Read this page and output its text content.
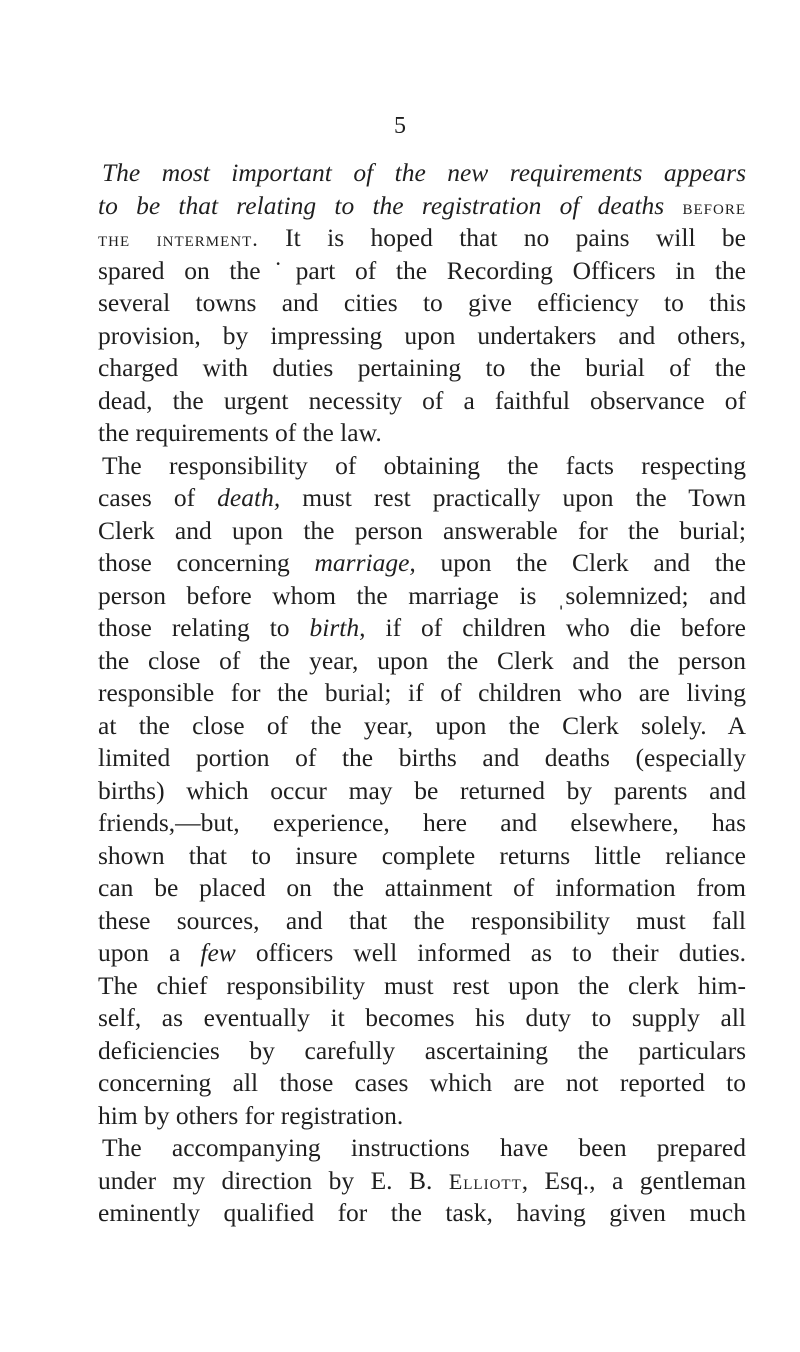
5
The most important of the new requirements appears
to be that relating to the registration of deaths before
the interment. It is hoped that no pains will be
spared on the˙part of the Recording Officers in the
several towns and cities to give efficiency to this
provision, by impressing upon undertakers and others,
charged with duties pertaining to the burial of the
dead, the urgent necessity of a faithful observance of
the requirements of the law.
The responsibility of obtaining the facts respecting
cases of death, must rest practically upon the Town
Clerk and upon the person answerable for the burial;
those concerning marriage, upon the Clerk and the
person before whom the marriage is ˌsolemnized; and
those relating to birth, if of children who die before
the close of the year, upon the Clerk and the person
responsible for the burial; if of children who are living
at the close of the year, upon the Clerk solely. A
limited portion of the births and deaths (especially
births) which occur may be returned by parents and
friends,—but, experience, here and elsewhere, has
shown that to insure complete returns little reliance
can be placed on the attainment of information from
these sources, and that the responsibility must fall
upon a few officers well informed as to their duties.
The chief responsibility must rest upon the clerk him-
self, as eventually it becomes his duty to supply all
deficiencies by carefully ascertaining the particulars
concerning all those cases which are not reported to
him by others for registration.
The accompanying instructions have been prepared
under my direction by E. B. Elliott, Esq., a gentleman
eminently qualified for the task, having given much
